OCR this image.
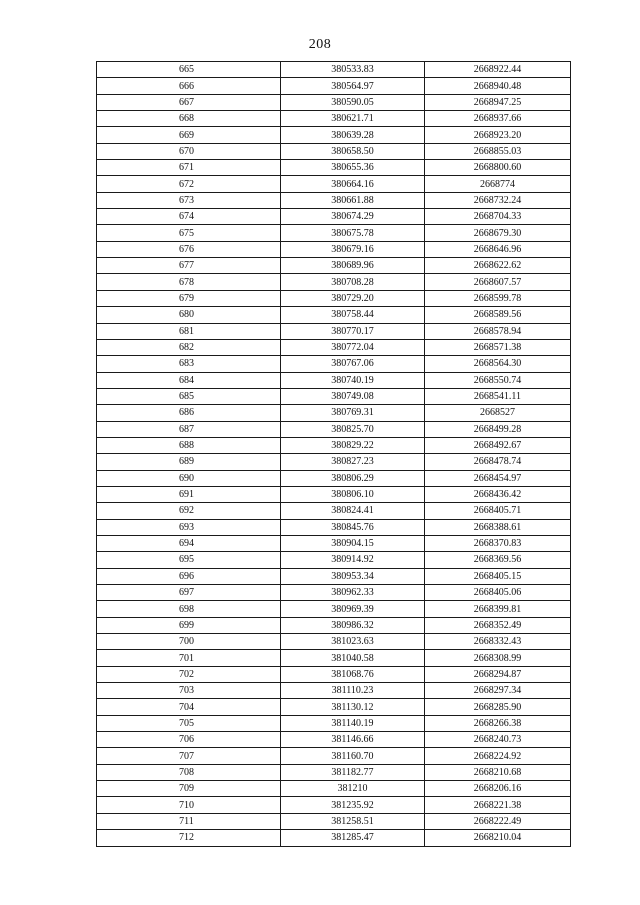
208
665	380533.83	2668922.44
666	380564.97	2668940.48
667	380590.05	2668947.25
668	380621.71	2668937.66
669	380639.28	2668923.20
670	380658.50	2668855.03
671	380655.36	2668800.60
672	380664.16	2668774
673	380661.88	2668732.24
674	380674.29	2668704.33
675	380675.78	2668679.30
676	380679.16	2668646.96
677	380689.96	2668622.62
678	380708.28	2668607.57
679	380729.20	2668599.78
680	380758.44	2668589.56
681	380770.17	2668578.94
682	380772.04	2668571.38
683	380767.06	2668564.30
684	380740.19	2668550.74
685	380749.08	2668541.11
686	380769.31	2668527
687	380825.70	2668499.28
688	380829.22	2668492.67
689	380827.23	2668478.74
690	380806.29	2668454.97
691	380806.10	2668436.42
692	380824.41	2668405.71
693	380845.76	2668388.61
694	380904.15	2668370.83
695	380914.92	2668369.56
696	380953.34	2668405.15
697	380962.33	2668405.06
698	380969.39	2668399.81
699	380986.32	2668352.49
700	381023.63	2668332.43
701	381040.58	2668308.99
702	381068.76	2668294.87
703	381110.23	2668297.34
704	381130.12	2668285.90
705	381140.19	2668266.38
706	381146.66	2668240.73
707	381160.70	2668224.92
708	381182.77	2668210.68
709	381210	2668206.16
710	381235.92	2668221.38
711	381258.51	2668222.49
712	381285.47	2668210.04
